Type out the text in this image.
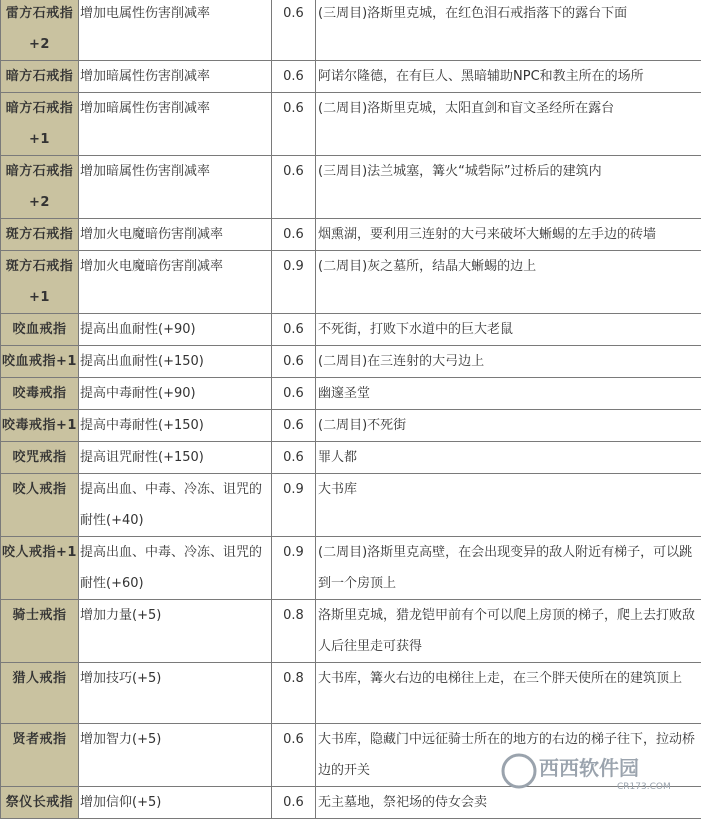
雷方石戒指+2	增加电属性伤害削减率	0.6	(三周目)洛斯里克城，在红色泪石戒指落下的露台下面
暗方石戒指	增加暗属性伤害削减率	0.6	阿诺尔隆德，在有巨人、黑暗辅助NPC和教主所在的场所
暗方石戒指+1	增加暗属性伤害削减率	0.6	(二周目)洛斯里克城，太阳直剑和盲文圣经所在露台
暗方石戒指+2	增加暗属性伤害削减率	0.6	(三周目)法兰城塞，篝火“城砦际”过桥后的建筑内
斑方石戒指	增加火电魔暗伤害削减率	0.6	烟熏湖，要利用三连射的大弓来破坏大蜥蜴的左手边的砖墙
斑方石戒指+1	增加火电魔暗伤害削减率	0.9	(二周目)灰之墓所，结晶大蜥蜴的边上
咬血戒指	提高出血耐性(+90)	0.6	不死街，打败下水道中的巨大老鼠
咬血戒指+1	提高出血耐性(+150)	0.6	(二周目)在三连射的大弓边上
咬毒戒指	提高中毒耐性(+90)	0.6	幽邃圣堂
咬毒戒指+1	提高中毒耐性(+150)	0.6	(二周目)不死街
咬咒戒指	提高诅咒耐性(+150)	0.6	罪人都
咬人戒指	提高出血、中毒、冷冻、诅咒的耐性(+40)	0.9	大书库
咬人戒指+1	提高出血、中毒、冷冻、诅咒的耐性(+60)	0.9	(二周目)洛斯里克高壁，在会出现变异的敌人附近有梯子，可以跳到一个房顶上
骑士戒指	增加力量(+5)	0.8	洛斯里克城，猎龙铠甲前有个可以爬上房顶的梯子，爬上去打败敌人后往里走可获得
猎人戒指	增加技巧(+5)	0.8	大书库，篝火右边的电梯往上走，在三个胖天使所在的建筑顶上
贤者戒指	增加智力(+5)	0.6	大书库，隐藏门中远征骑士所在的地方的右边的梯子往下，拉动桥边的开关
祭仪长戒指	增加信仰(+5)	0.6	无主墓地，祭祀场的侍女会卖
西西软件园
CR173.COM
